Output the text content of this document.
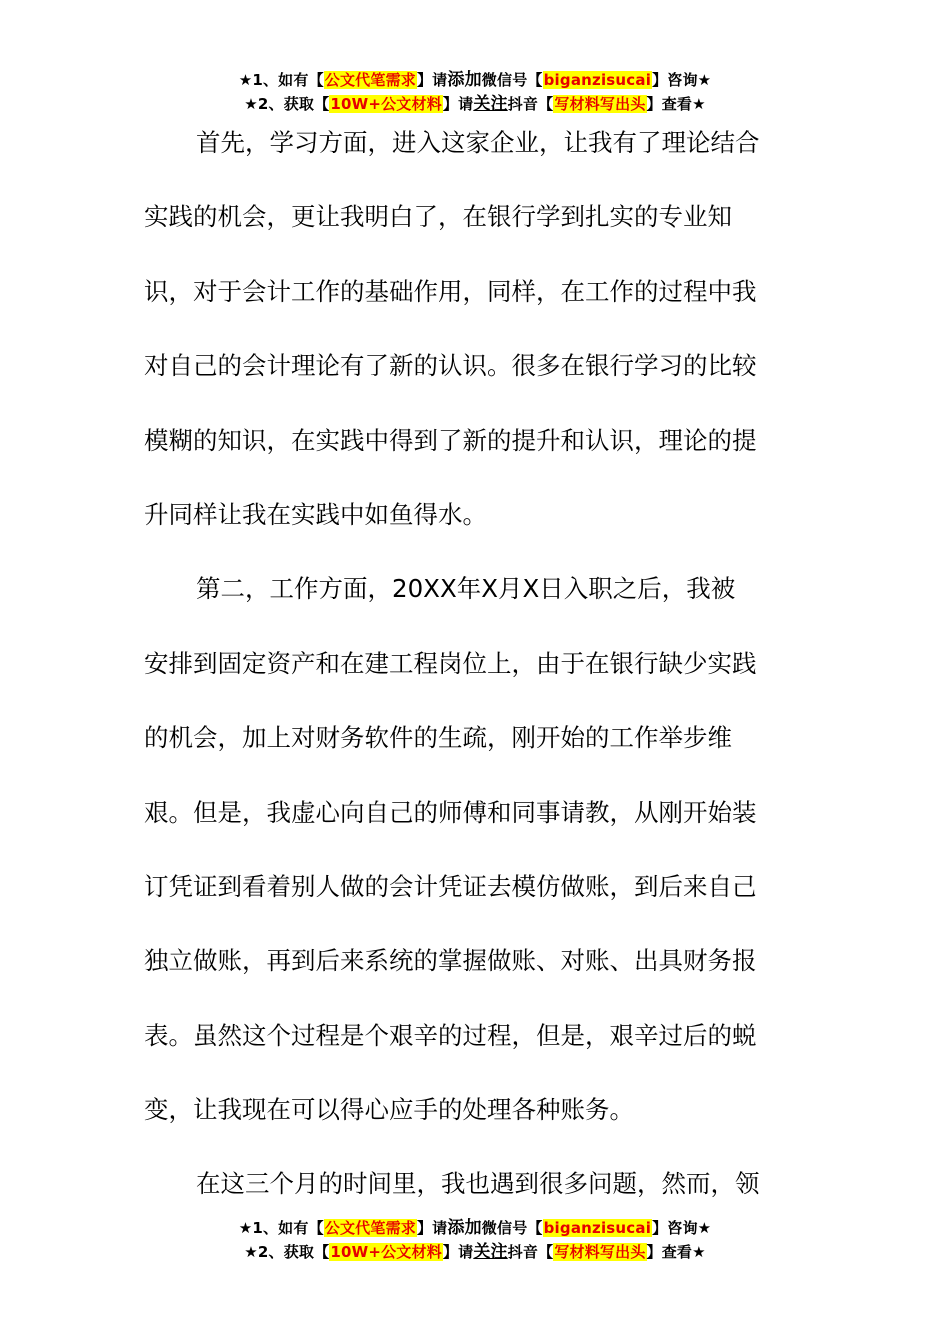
★1、如有【公文代笔需求】请添加微信号【biganzisucai】咨询★
★2、获取【10W+公文材料】请关注抖音【写材料写出头】查看★
首先，学习方面，进入这家企业，让我有了理论结合
实践的机会，更让我明白了，在银行学到扎实的专业知
识，对于会计工作的基础作用，同样，在工作的过程中我
对自己的会计理论有了新的认识。很多在银行学习的比较
模糊的知识，在实践中得到了新的提升和认识，理论的提
升同样让我在实践中如鱼得水。
第二，工作方面，20XX年X月X日入职之后，我被
安排到固定资产和在建工程岗位上，由于在银行缺少实践
的机会，加上对财务软件的生疏，刚开始的工作举步维
艰。但是，我虚心向自己的师傅和同事请教，从刚开始装
订凭证到看着别人做的会计凭证去模仿做账，到后来自己
独立做账，再到后来系统的掌握做账、对账、出具财务报
表。虽然这个过程是个艰辛的过程，但是，艰辛过后的蜕
变，让我现在可以得心应手的处理各种账务。
在这三个月的时间里，我也遇到很多问题，然而，领
★1、如有【公文代笔需求】请添加微信号【biganzisucai】咨询★
★2、获取【10W+公文材料】请关注抖音【写材料写出头】查看★
